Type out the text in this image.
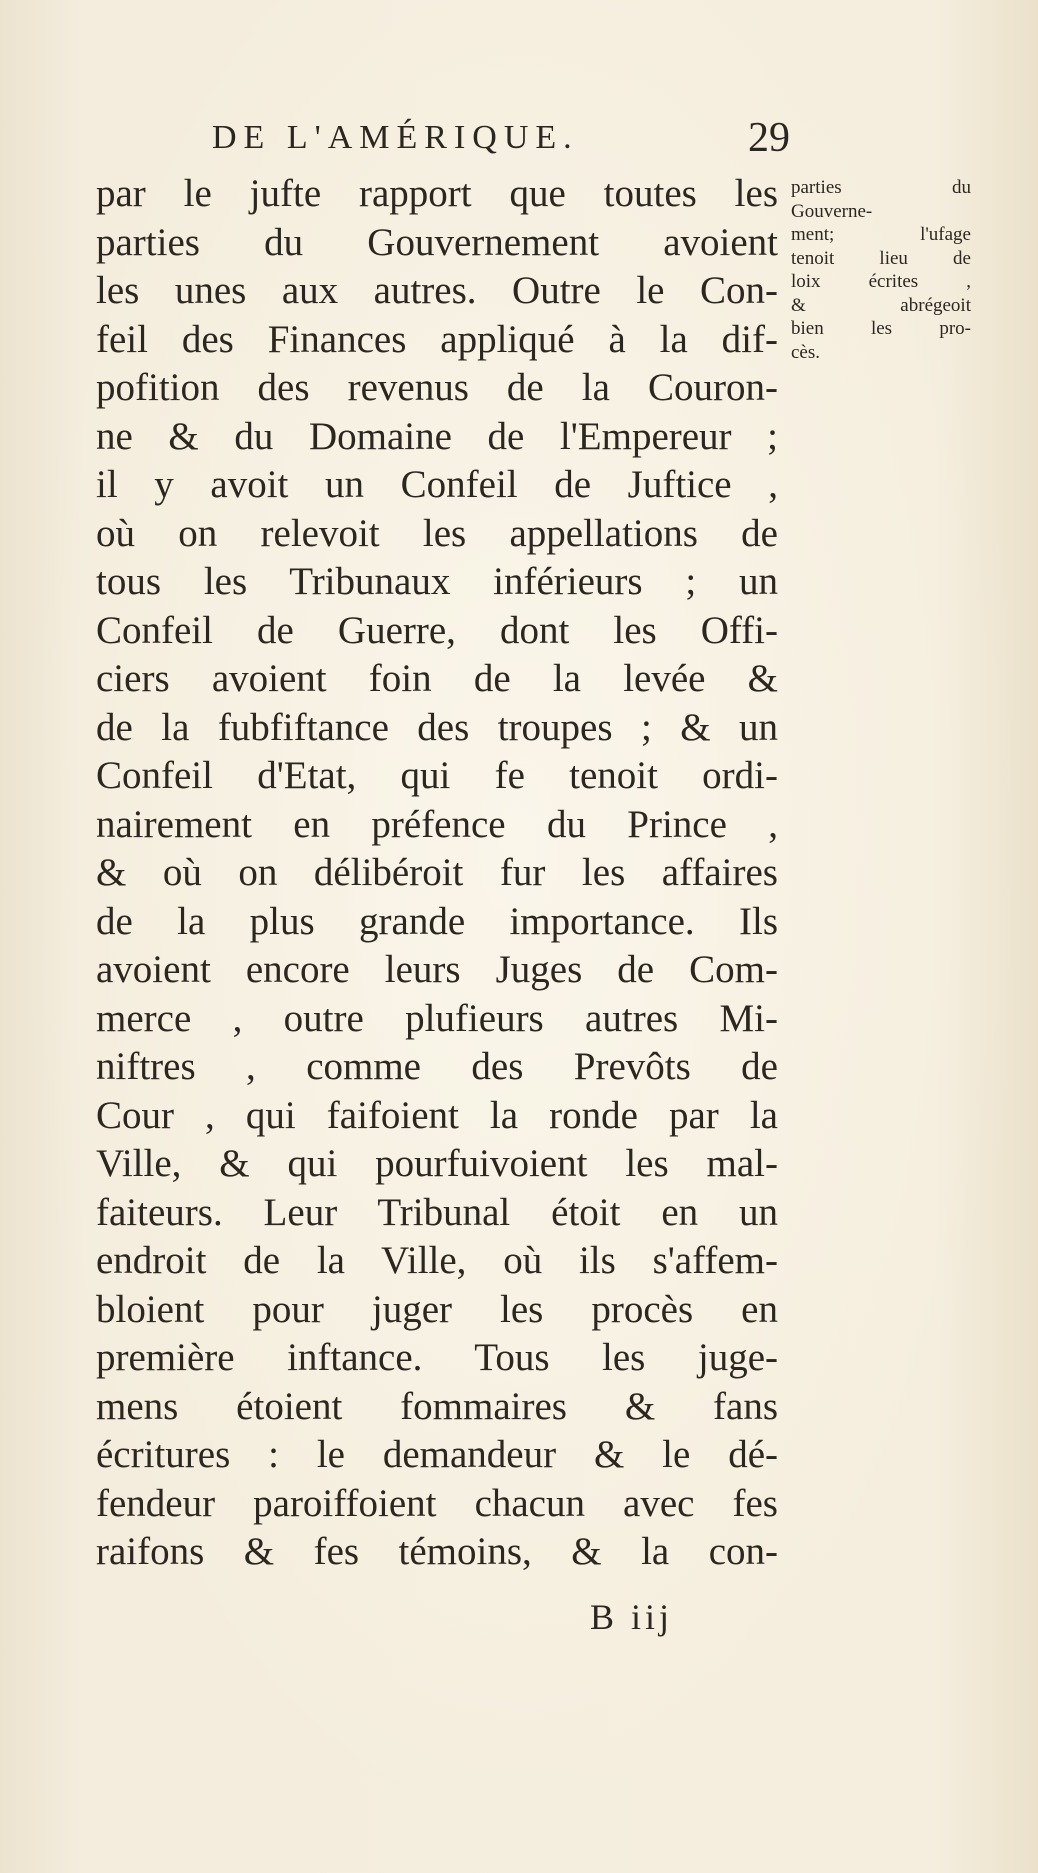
DE L'AMÉRIQUE.	29
par le jufte rapport que toutes les
parties du Gouvernement avoient
les unes aux autres. Outre le Con-
feil des Finances appliqué à la dif-
pofition des revenus de la Couron-
ne & du Domaine de l'Empereur ;
il y avoit un Confeil de Juftice ,
où on relevoit les appellations de
tous les Tribunaux inférieurs ; un
Confeil de Guerre, dont les Offi-
ciers avoient foin de la levée &
de la fubfiftance des troupes ; & un
Confeil d'Etat, qui fe tenoit ordi-
nairement en préfence du Prince ,
& où on délibéroit fur les affaires
de la plus grande importance. Ils
avoient encore leurs Juges de Com-
merce , outre plufieurs autres Mi-
niftres , comme des Prevôts de
Cour , qui faifoient la ronde par la
Ville, & qui pourfuivoient les mal-
faiteurs. Leur Tribunal étoit en un
endroit de la Ville, où ils s'affem-
bloient pour juger les procès en
première inftance. Tous les juge-
mens étoient fommaires & fans
écritures : le demandeur & le dé-
fendeur paroiffoient chacun avec fes
raifons & fes témoins, & la con-
parties du
Gouverne-
ment; l'ufage
tenoit lieu de
loix écrites ,
& abrégeoit
bien les pro-
cès.
B iij
